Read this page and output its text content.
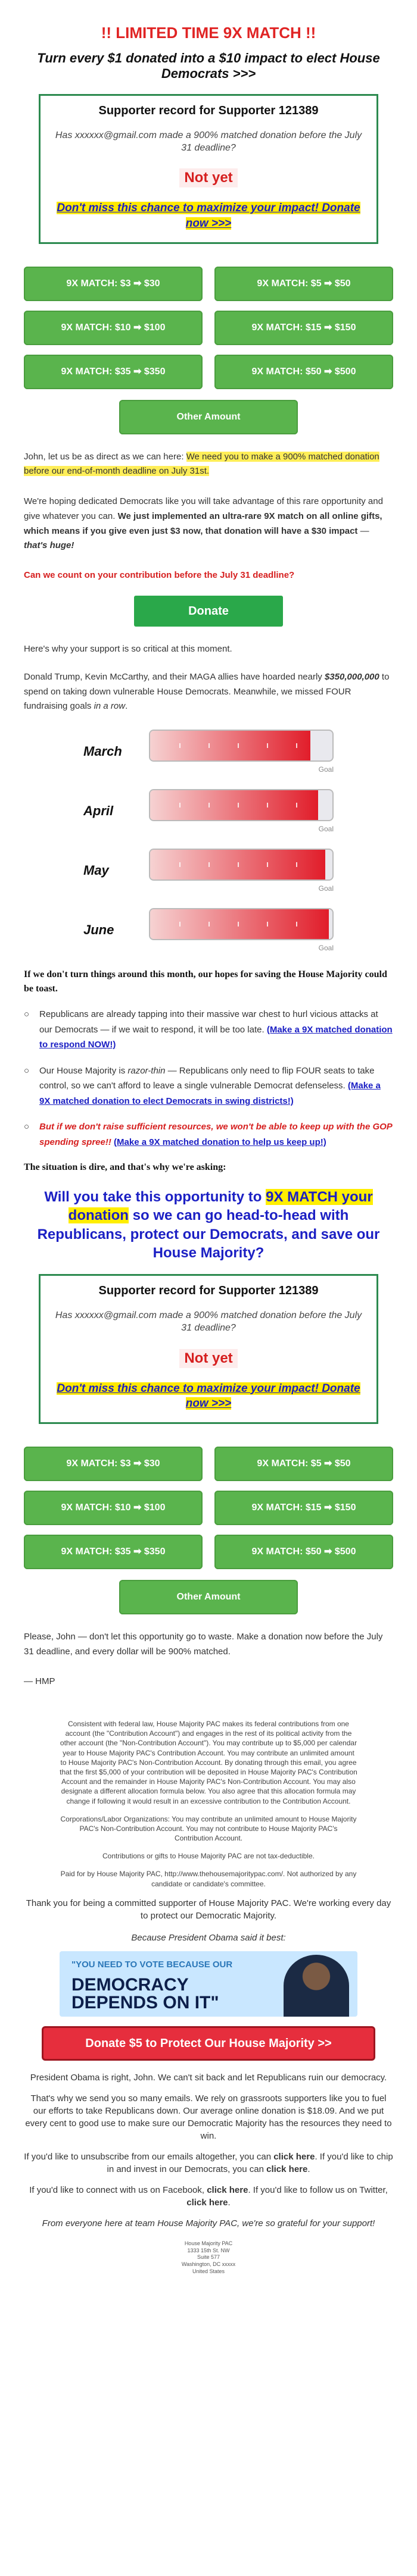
!! LIMITED TIME 9X MATCH !!
Turn every $1 donated into a $10 impact to elect House Democrats >>>
Supporter record for Supporter 121389
Has xxxxxx@gmail.com made a 900% matched donation before the July 31 deadline?
Not yet
Don't miss this chance to maximize your impact! Donate now >>>
9X MATCH: $3 ➡ $30	9X MATCH: $5 ➡ $50
9X MATCH: $10 ➡ $100	9X MATCH: $15 ➡ $150
9X MATCH: $35 ➡ $350	9X MATCH: $50 ➡ $500
Other Amount
John, let us be as direct as we can here: We need you to make a 900% matched donation before our end-of-month deadline on July 31st.
We're hoping dedicated Democrats like you will take advantage of this rare opportunity and give whatever you can. We just implemented an ultra-rare 9X match on all online gifts, which means if you give even just $3 now, that donation will have a $30 impact — that's huge!
Can we count on your contribution before the July 31 deadline?
Donate
Here's why your support is so critical at this moment.
Donald Trump, Kevin McCarthy, and their MAGA allies have hoarded nearly $350,000,000 to spend on taking down vulnerable House Democrats. Meanwhile, we missed FOUR fundraising goals in a row.
March
Goal
April
Goal
May
Goal
June
Goal
If we don't turn things around this month, our hopes for saving the House Majority could be toast.
○	Republicans are already tapping into their massive war chest to hurl vicious attacks at our Democrats — if we wait to respond, it will be too late. (Make a 9X matched donation to respond NOW!)
○	Our House Majority is razor-thin — Republicans only need to flip FOUR seats to take control, so we can't afford to leave a single vulnerable Democrat defenseless. (Make a 9X matched donation to elect Democrats in swing districts!)
○	But if we don't raise sufficient resources, we won't be able to keep up with the GOP spending spree!! (Make a 9X matched donation to help us keep up!)
The situation is dire, and that's why we're asking:
Will you take this opportunity to 9X MATCH your donation so we can go head-to-head with Republicans, protect our Democrats, and save our House Majority?
Supporter record for Supporter 121389
Has xxxxxx@gmail.com made a 900% matched donation before the July 31 deadline?
Not yet
Don't miss this chance to maximize your impact! Donate now >>>
9X MATCH: $3 ➡ $30	9X MATCH: $5 ➡ $50
9X MATCH: $10 ➡ $100	9X MATCH: $15 ➡ $150
9X MATCH: $35 ➡ $350	9X MATCH: $50 ➡ $500
Other Amount
Please, John — don't let this opportunity go to waste. Make a donation now before the July 31 deadline, and every dollar will be 900% matched.
— HMP

Consistent with federal law, House Majority PAC makes its federal contributions from one account (the "Contribution Account") and engages in the rest of its political activity from the other account (the "Non-Contribution Account"). You may contribute up to $5,000 per calendar year to House Majority PAC's Contribution Account. You may contribute an unlimited amount to House Majority PAC's Non-Contribution Account. By donating through this email, you agree that the first $5,000 of your contribution will be deposited in House Majority PAC's Contribution Account and the remainder in House Majority PAC's Non-Contribution Account. You may also designate a different allocation formula below. You also agree that this allocation formula may change if following it would result in an excessive contribution to the Contribution Account.

Corporations/Labor Organizations: You may contribute an unlimited amount to House Majority PAC's Non-Contribution Account. You may not contribute to House Majority PAC's Contribution Account.

Contributions or gifts to House Majority PAC are not tax-deductible.

Paid for by House Majority PAC, http://www.thehousemajoritypac.com/. Not authorized by any candidate or candidate's committee.

Thank you for being a committed supporter of House Majority PAC. We're working every day to protect our Democratic Majority.
Because President Obama said it best:
"YOU NEED TO VOTE BECAUSE OUR
DEMOCRACY DEPENDS ON IT"
Donate $5 to Protect Our House Majority >>
President Obama is right, John. We can't sit back and let Republicans ruin our democracy.
That's why we send you so many emails. We rely on grassroots supporters like you to fuel our efforts to take Republicans down. Our average online donation is $18.09. And we put every cent to good use to make sure our Democratic Majority has the resources they need to win.
If you'd like to unsubscribe from our emails altogether, you can click here. If you'd like to chip in and invest in our Democrats, you can click here.
If you'd like to connect with us on Facebook, click here. If you'd like to follow us on Twitter, click here.
From everyone here at team House Majority PAC, we're so grateful for your support!
House Majority PAC
1333 15th St. NW
Suite 577
Washington, DC xxxxx
United States
